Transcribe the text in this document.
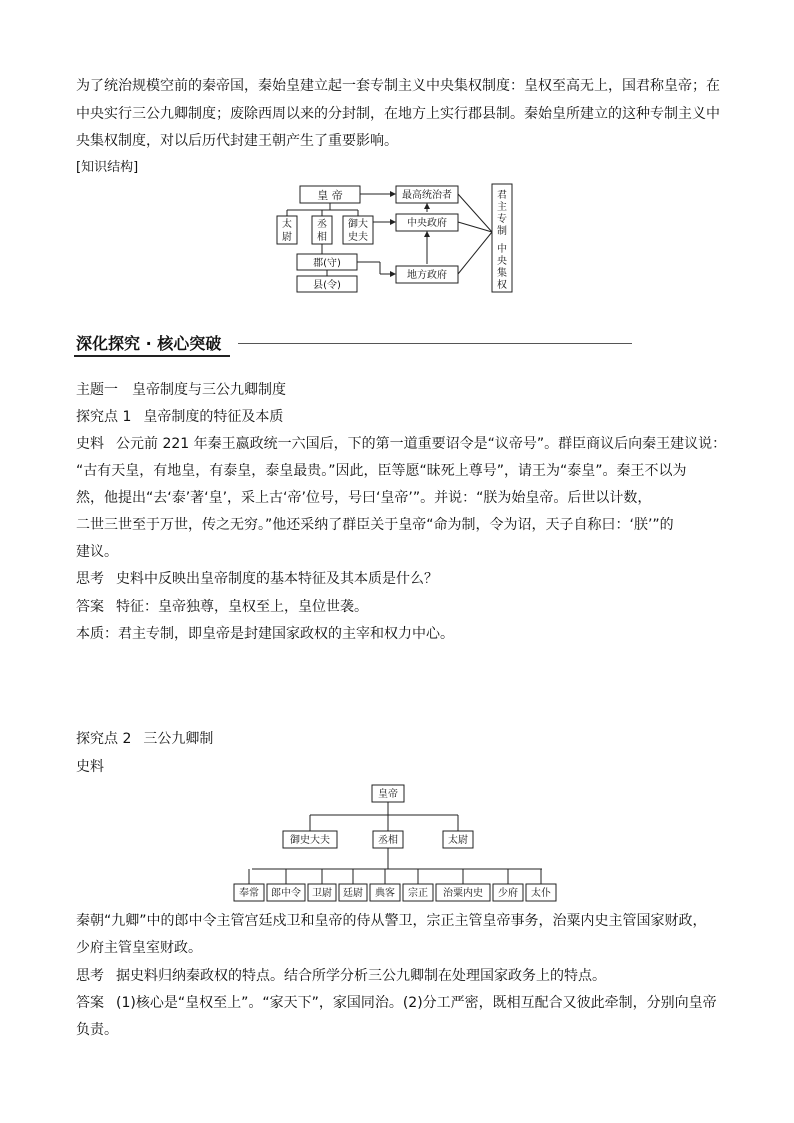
为了统治规模空前的秦帝国，秦始皇建立起一套专制主义中央集权制度：皇权至高无上，国君称皇帝；在
中央实行三公九卿制度；废除西周以来的分封制，在地方上实行郡县制。秦始皇所建立的这种专制主义中
央集权制度，对以后历代封建王朝产生了重要影响。
[知识结构]
皇 帝
太
尉
丞
相
御大
史夫
郡(守)
县(令)
最高统治者
中央政府
地方政府
君
主
专
制
中
央
集
权
深化探究 · 核心突破
主题一　皇帝制度与三公九卿制度
探究点 1 皇帝制度的特征及本质
史料 公元前 221 年秦王嬴政统一六国后，下的第一道重要诏令是“议帝号”。群臣商议后向秦王建议说：
“古有天皇，有地皇，有泰皇，泰皇最贵。”因此，臣等愿“昧死上尊号”，请王为“泰皇”。秦王不以为
然，他提出“去‘泰’著‘皇’，采上古‘帝’位号，号曰‘皇帝’”。并说：“朕为始皇帝。后世以计数，
二世三世至于万世，传之无穷。”他还采纳了群臣关于皇帝“命为制，令为诏，天子自称曰：‘朕’”的
建议。
思考 史料中反映出皇帝制度的基本特征及其本质是什么？
答案 特征：皇帝独尊，皇权至上，皇位世袭。
本质：君主专制，即皇帝是封建国家政权的主宰和权力中心。
探究点 2 三公九卿制
史料
皇帝
御史大夫	丞相	太尉
奉常 郎中令 卫尉 廷尉 典客 宗正 治粟内史 少府 太仆
秦朝“九卿”中的郎中令主管宫廷戍卫和皇帝的侍从警卫，宗正主管皇帝事务，治粟内史主管国家财政，
少府主管皇室财政。
思考 据史料归纳秦政权的特点。结合所学分析三公九卿制在处理国家政务上的特点。
答案 (1)核心是“皇权至上”。“家天下”，家国同治。(2)分工严密，既相互配合又彼此牵制，分别向皇帝
负责。
